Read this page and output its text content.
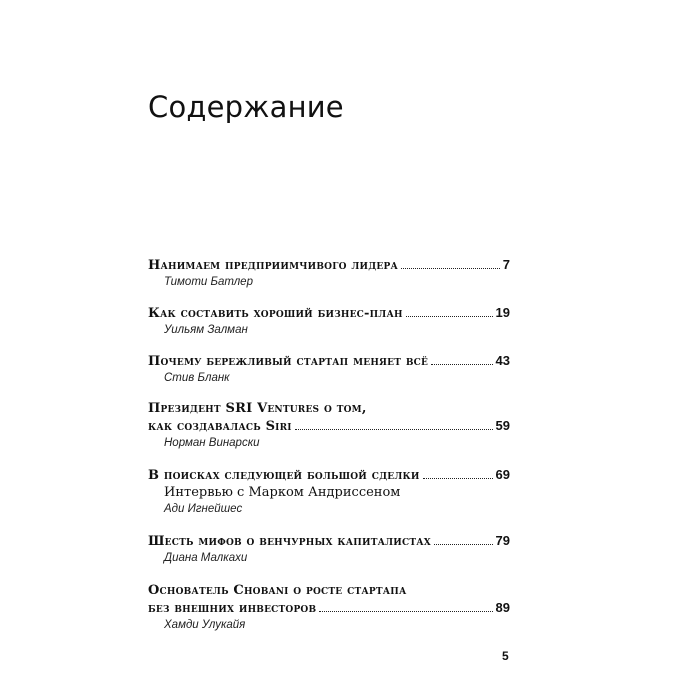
Содержание
Нанимаем предприимчивого лидера	7
Тимоти Батлер
Как составить хороший бизнес-план	19
Уильям Залман
Почему бережливый стартап меняет всё	43
Стив Бланк
Президент SRI Ventures о том,
как создавалась Siri	59
Норман Винарски
В поисках следующей большой сделки	69
Интервью с Марком Андриссеном
Ади Игнейшес
Шесть мифов о венчурных капиталистах	79
Диана Малкахи
Основатель Chobani о росте стартапа
без внешних инвесторов	89
Хамди Улукайя
5
